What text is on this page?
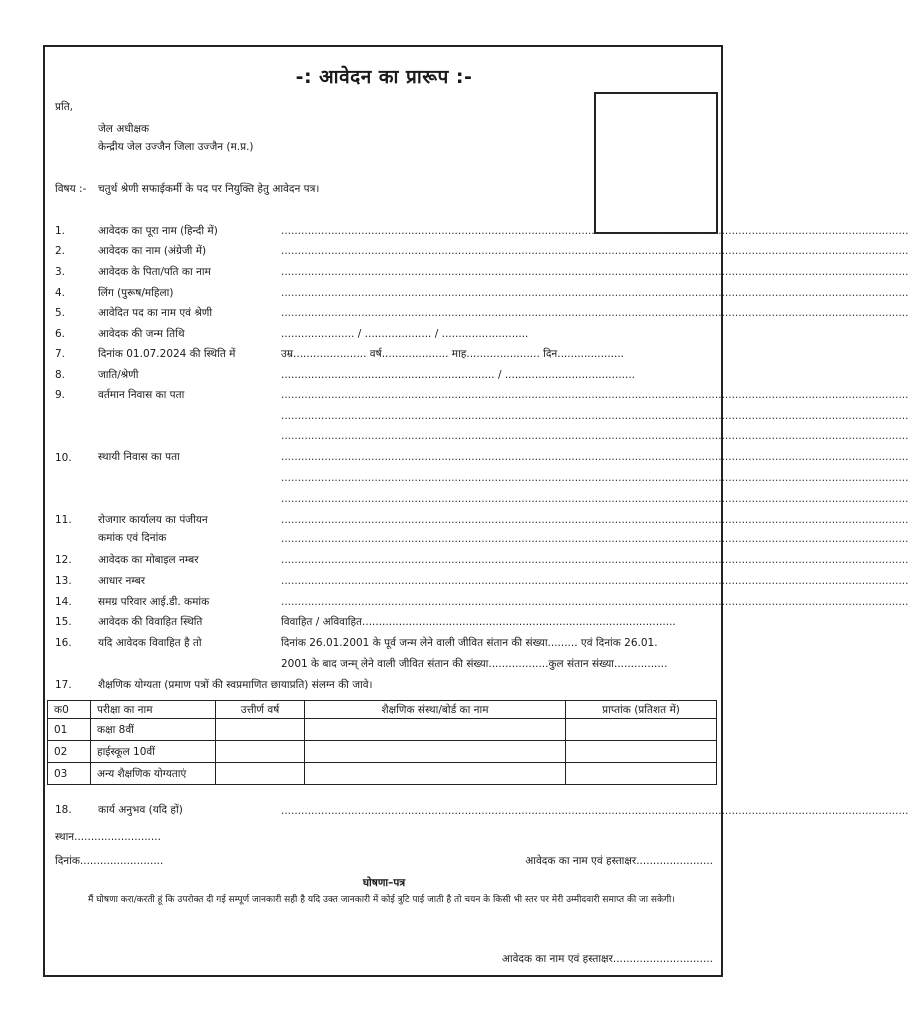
-: आवेदन का प्रारूप :-
प्रति,
जेल अधीक्षक
केन्द्रीय जेल उज्जैन जिला उज्जैन (म.प्र.)
विषय :- चतुर्थ श्रेणी सफाईकर्मी के पद पर नियुक्ति हेतु आवेदन पत्र।
1.	आवेदक का पूरा नाम (हिन्दी में)	............................................................................................................................................................................................
2.	आवेदक का नाम (अंग्रेजी में)	............................................................................................................................................................................................
3.	आवेदक के पिता/पति का नाम	............................................................................................................................................................................................
4.	लिंग (पुरूष/महिला)	............................................................................................................................................................................................
5.	आवेदित पद का नाम एवं श्रेणी	............................................................................................................................................................................................
6.	आवेदक की जन्म तिथि	...................... / .................... / ..........................
7.	दिनांक 01.07.2024 की स्थिति में	उम्र...................... वर्ष.................... माह...................... दिन....................
8.	जाति/श्रेणी	................................................................ / .......................................
9.	वर्तमान निवास का पता	............................................................................................................................................................................................
............................................................................................................................................................................................
............................................................................................................................................................................................
10.	स्थायी निवास का पता	............................................................................................................................................................................................
............................................................................................................................................................................................
............................................................................................................................................................................................
11.	रोजगार कार्यालय का पंजीयन
कमांक एवं दिनांक
............................................................................................................................................................................................
............................................................................................................................................................................................
12.	आवेदक का मोबाइल नम्बर	............................................................................................................................................................................................
13.	आधार नम्बर	............................................................................................................................................................................................
14.	समग्र परिवार आई.डी. कमांक	............................................................................................................................................................................................
15.	आवेदक की विवाहित स्थिति	विवाहित / अविवाहित..............................................................................................
16.	यदि आवेदक विवाहित है तो	दिनांक 26.01.2001 के पूर्व जन्म लेने वाली जीवित संतान की संख्या......... एवं दिनांक 26.01.
2001 के बाद जन्म् लेने वाली जीवित संतान की संख्या..................कुल संतान संख्या................
17.	शैक्षणिक योग्यता (प्रमाण पत्रों की स्वप्रमाणित छायाप्रति) संलग्न की जावे।
क0	परीक्षा का नाम	उत्तीर्ण वर्ष	शैक्षणिक संस्था/बोर्ड का नाम	प्राप्तांक (प्रतिशत में)
01	कक्षा 8वीं			
02	हाईस्कूल 10वीं			
03	अन्य शैक्षणिक योग्यताएं			
18.	कार्य अनुभव (यदि हों)	............................................................................................................................................................................................
स्थान..........................
दिनांक.........................	आवेदक का नाम एवं हस्ताक्षर.......................
घोषणा–पत्र
मैं घोषणा करा/करती हूं कि उपरोक्त दी गई सम्पूर्ण जानकारी सही है यदि उक्त जानकारी में कोई त्रुटि पाई जाती है तो चयन के किसी भी स्तर पर मेरी उम्मीदवारी समाप्त की जा सकेगी।
आवेदक का नाम एवं हस्ताक्षर..............................
